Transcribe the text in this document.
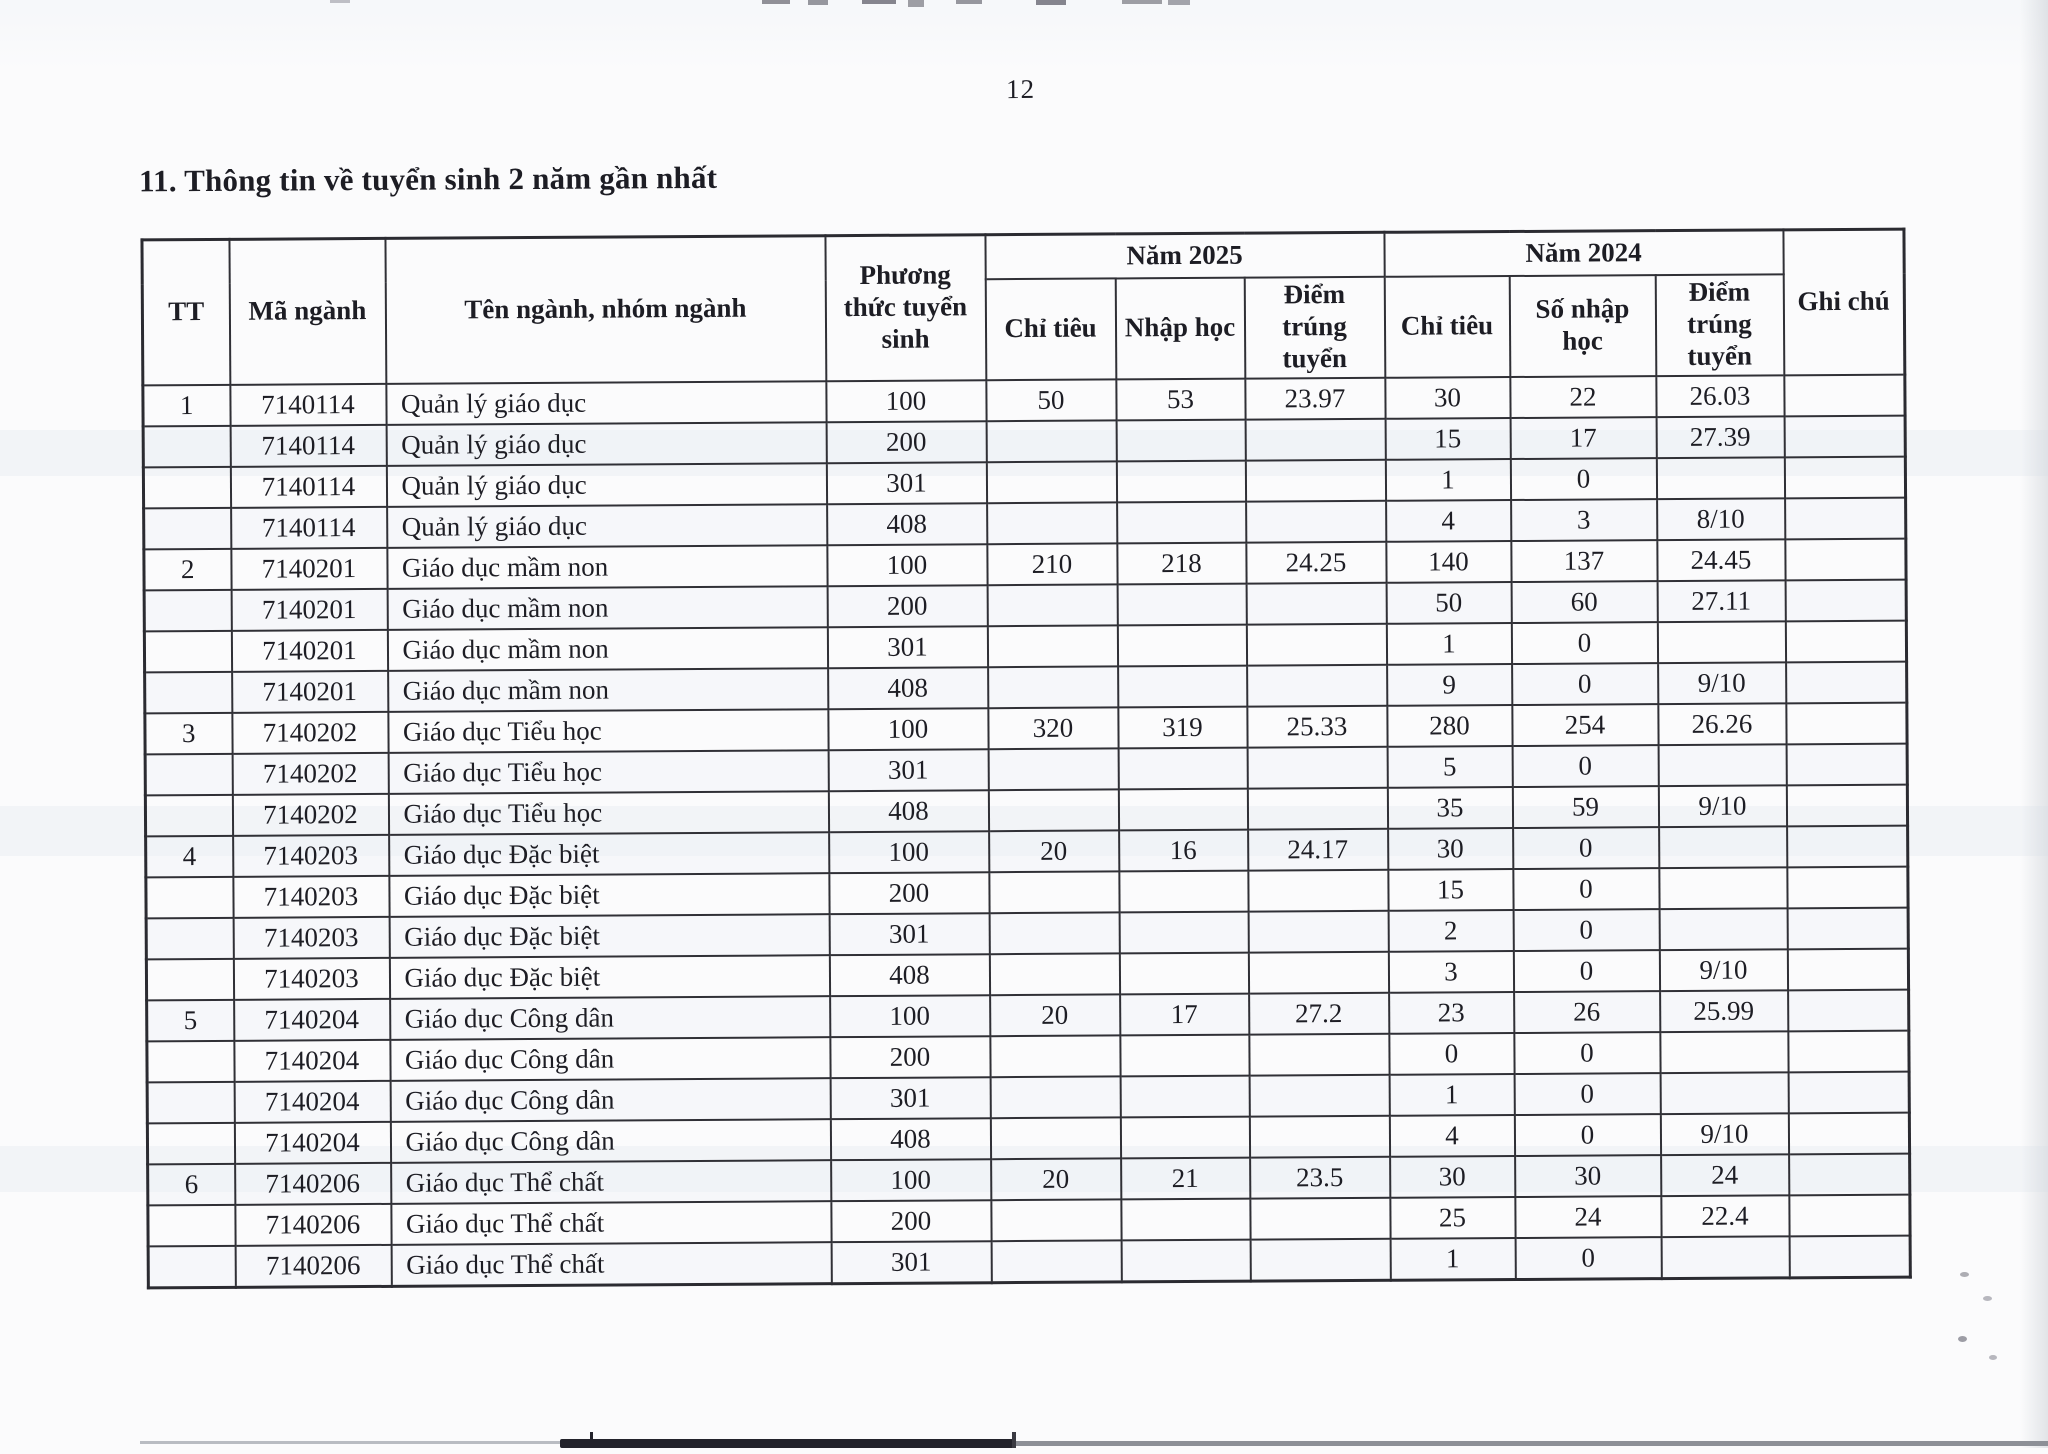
12
11. Thông tin về tuyển sinh 2 năm gần nhất
TT	Mã ngành	Tên ngành, nhóm ngành	Phương thức tuyển sinh	Năm 2025			Năm 2024			Ghi chú
				Chỉ tiêu	Nhập học	Điểm trúng tuyển	Chỉ tiêu	Số nhập học	Điểm trúng tuyển	
1	7140114	Quản lý giáo dục	100	50	53	23.97	30	22	26.03	
	7140114	Quản lý giáo dục	200				15	17	27.39	
	7140114	Quản lý giáo dục	301				1	0		
	7140114	Quản lý giáo dục	408				4	3	8/10	
2	7140201	Giáo dục mầm non	100	210	218	24.25	140	137	24.45	
	7140201	Giáo dục mầm non	200				50	60	27.11	
	7140201	Giáo dục mầm non	301				1	0		
	7140201	Giáo dục mầm non	408				9	0	9/10	
3	7140202	Giáo dục Tiểu học	100	320	319	25.33	280	254	26.26	
	7140202	Giáo dục Tiểu học	301				5	0		
	7140202	Giáo dục Tiểu học	408				35	59	9/10	
4	7140203	Giáo dục Đặc biệt	100	20	16	24.17	30	0		
	7140203	Giáo dục Đặc biệt	200				15	0		
	7140203	Giáo dục Đặc biệt	301				2	0		
	7140203	Giáo dục Đặc biệt	408				3	0	9/10	
5	7140204	Giáo dục Công dân	100	20	17	27.2	23	26	25.99	
	7140204	Giáo dục Công dân	200				0	0		
	7140204	Giáo dục Công dân	301				1	0		
	7140204	Giáo dục Công dân	408				4	0	9/10	
6	7140206	Giáo dục Thể chất	100	20	21	23.5	30	30	24	
	7140206	Giáo dục Thể chất	200				25	24	22.4	
	7140206	Giáo dục Thể chất	301				1	0		
